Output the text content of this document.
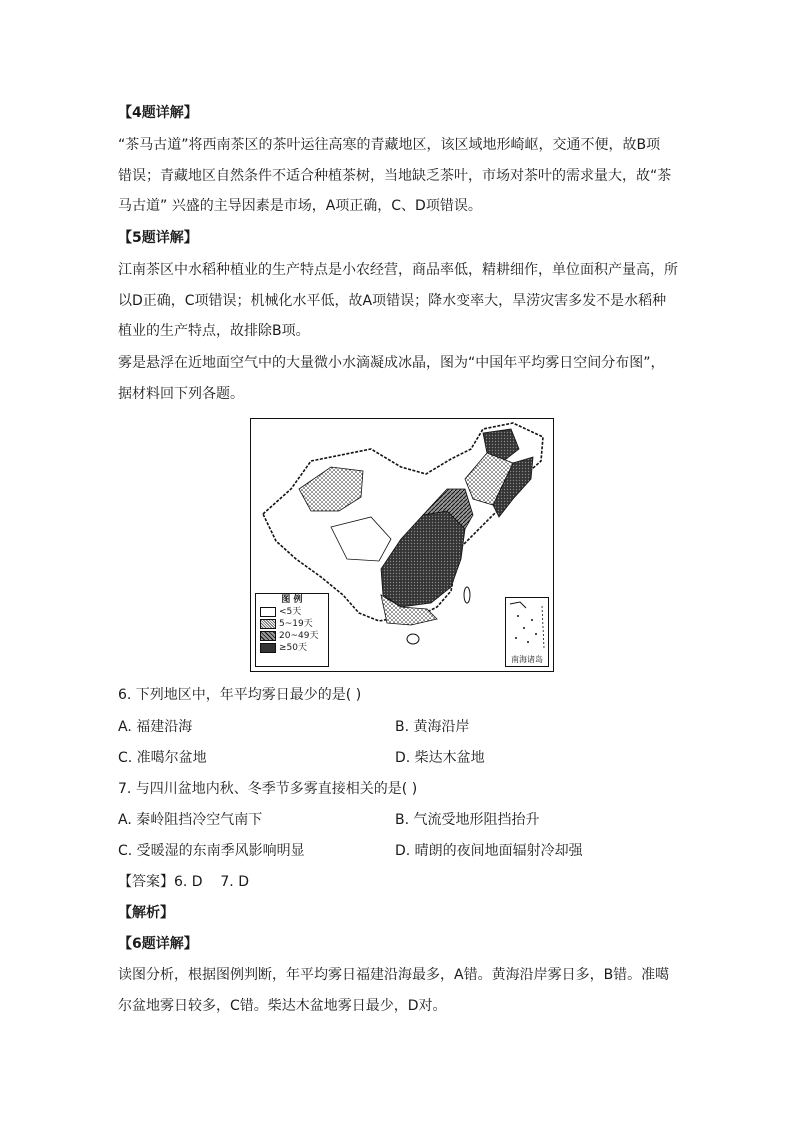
【4题详解】
“茶马古道”将西南茶区的茶叶运往高寒的青藏地区，该区域地形崎岖，交通不便，故B项
错误；青藏地区自然条件不适合种植茶树，当地缺乏茶叶，市场对茶叶的需求量大，故“茶
马古道” 兴盛的主导因素是市场，A项正确，C、D项错误。
【5题详解】
江南茶区中水稻种植业的生产特点是小农经营，商品率低，精耕细作，单位面积产量高，所
以D正确，C项错误；机械化水平低，故A项错误；降水变率大，旱涝灾害多发不是水稻种
植业的生产特点，故排除B项。
雾是悬浮在近地面空气中的大量微小水滴凝成冰晶，图为“中国年平均雾日空间分布图”，
据材料回下列各题。
图 例
<5天
5~19天
20~49天
≥50天
南海诸岛
6. 下列地区中，年平均雾日最少的是( )
A. 福建沿海	B. 黄海沿岸
C. 准噶尔盆地	D. 柴达木盆地
7. 与四川盆地内秋、冬季节多雾直接相关的是( )
A. 秦岭阻挡冷空气南下	B. 气流受地形阻挡抬升
C. 受暖湿的东南季风影响明显	D. 晴朗的夜间地面辐射冷却强
【答案】6. D    7. D
【解析】
【6题详解】
读图分析，根据图例判断，年平均雾日福建沿海最多，A错。黄海沿岸雾日多，B错。准噶
尔盆地雾日较多，C错。柴达木盆地雾日最少，D对。
